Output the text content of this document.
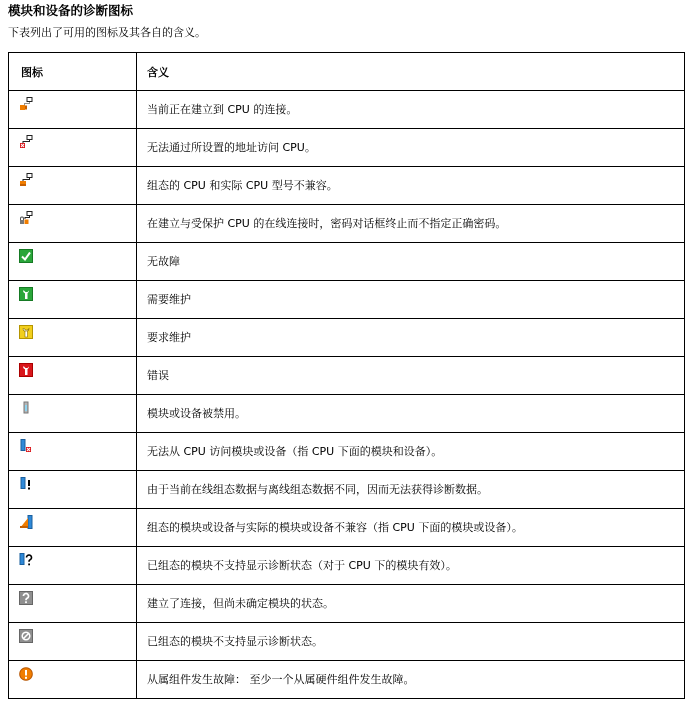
模块和设备的诊断图标
下表列出了可用的图标及其各自的含义。
图标	含义

	当前正在建立到 CPU 的连接。

	无法通过所设置的地址访问 CPU。

	组态的 CPU 和实际 CPU 型号不兼容。

	在建立与受保护 CPU 的在线连接时，密码对话框终止而不指定正确密码。

	无故障

	需要维护

	要求维护

	错误

	模块或设备被禁用。

	无法从 CPU 访问模块或设备（指 CPU 下面的模块和设备）。

	由于当前在线组态数据与离线组态数据不同，因而无法获得诊断数据。

	组态的模块或设备与实际的模块或设备不兼容（指 CPU 下面的模块或设备）。

	已组态的模块不支持显示诊断状态（对于 CPU 下的模块有效）。

	建立了连接，但尚未确定模块的状态。

	已组态的模块不支持显示诊断状态。

	从属组件发生故障： 至少一个从属硬件组件发生故障。
